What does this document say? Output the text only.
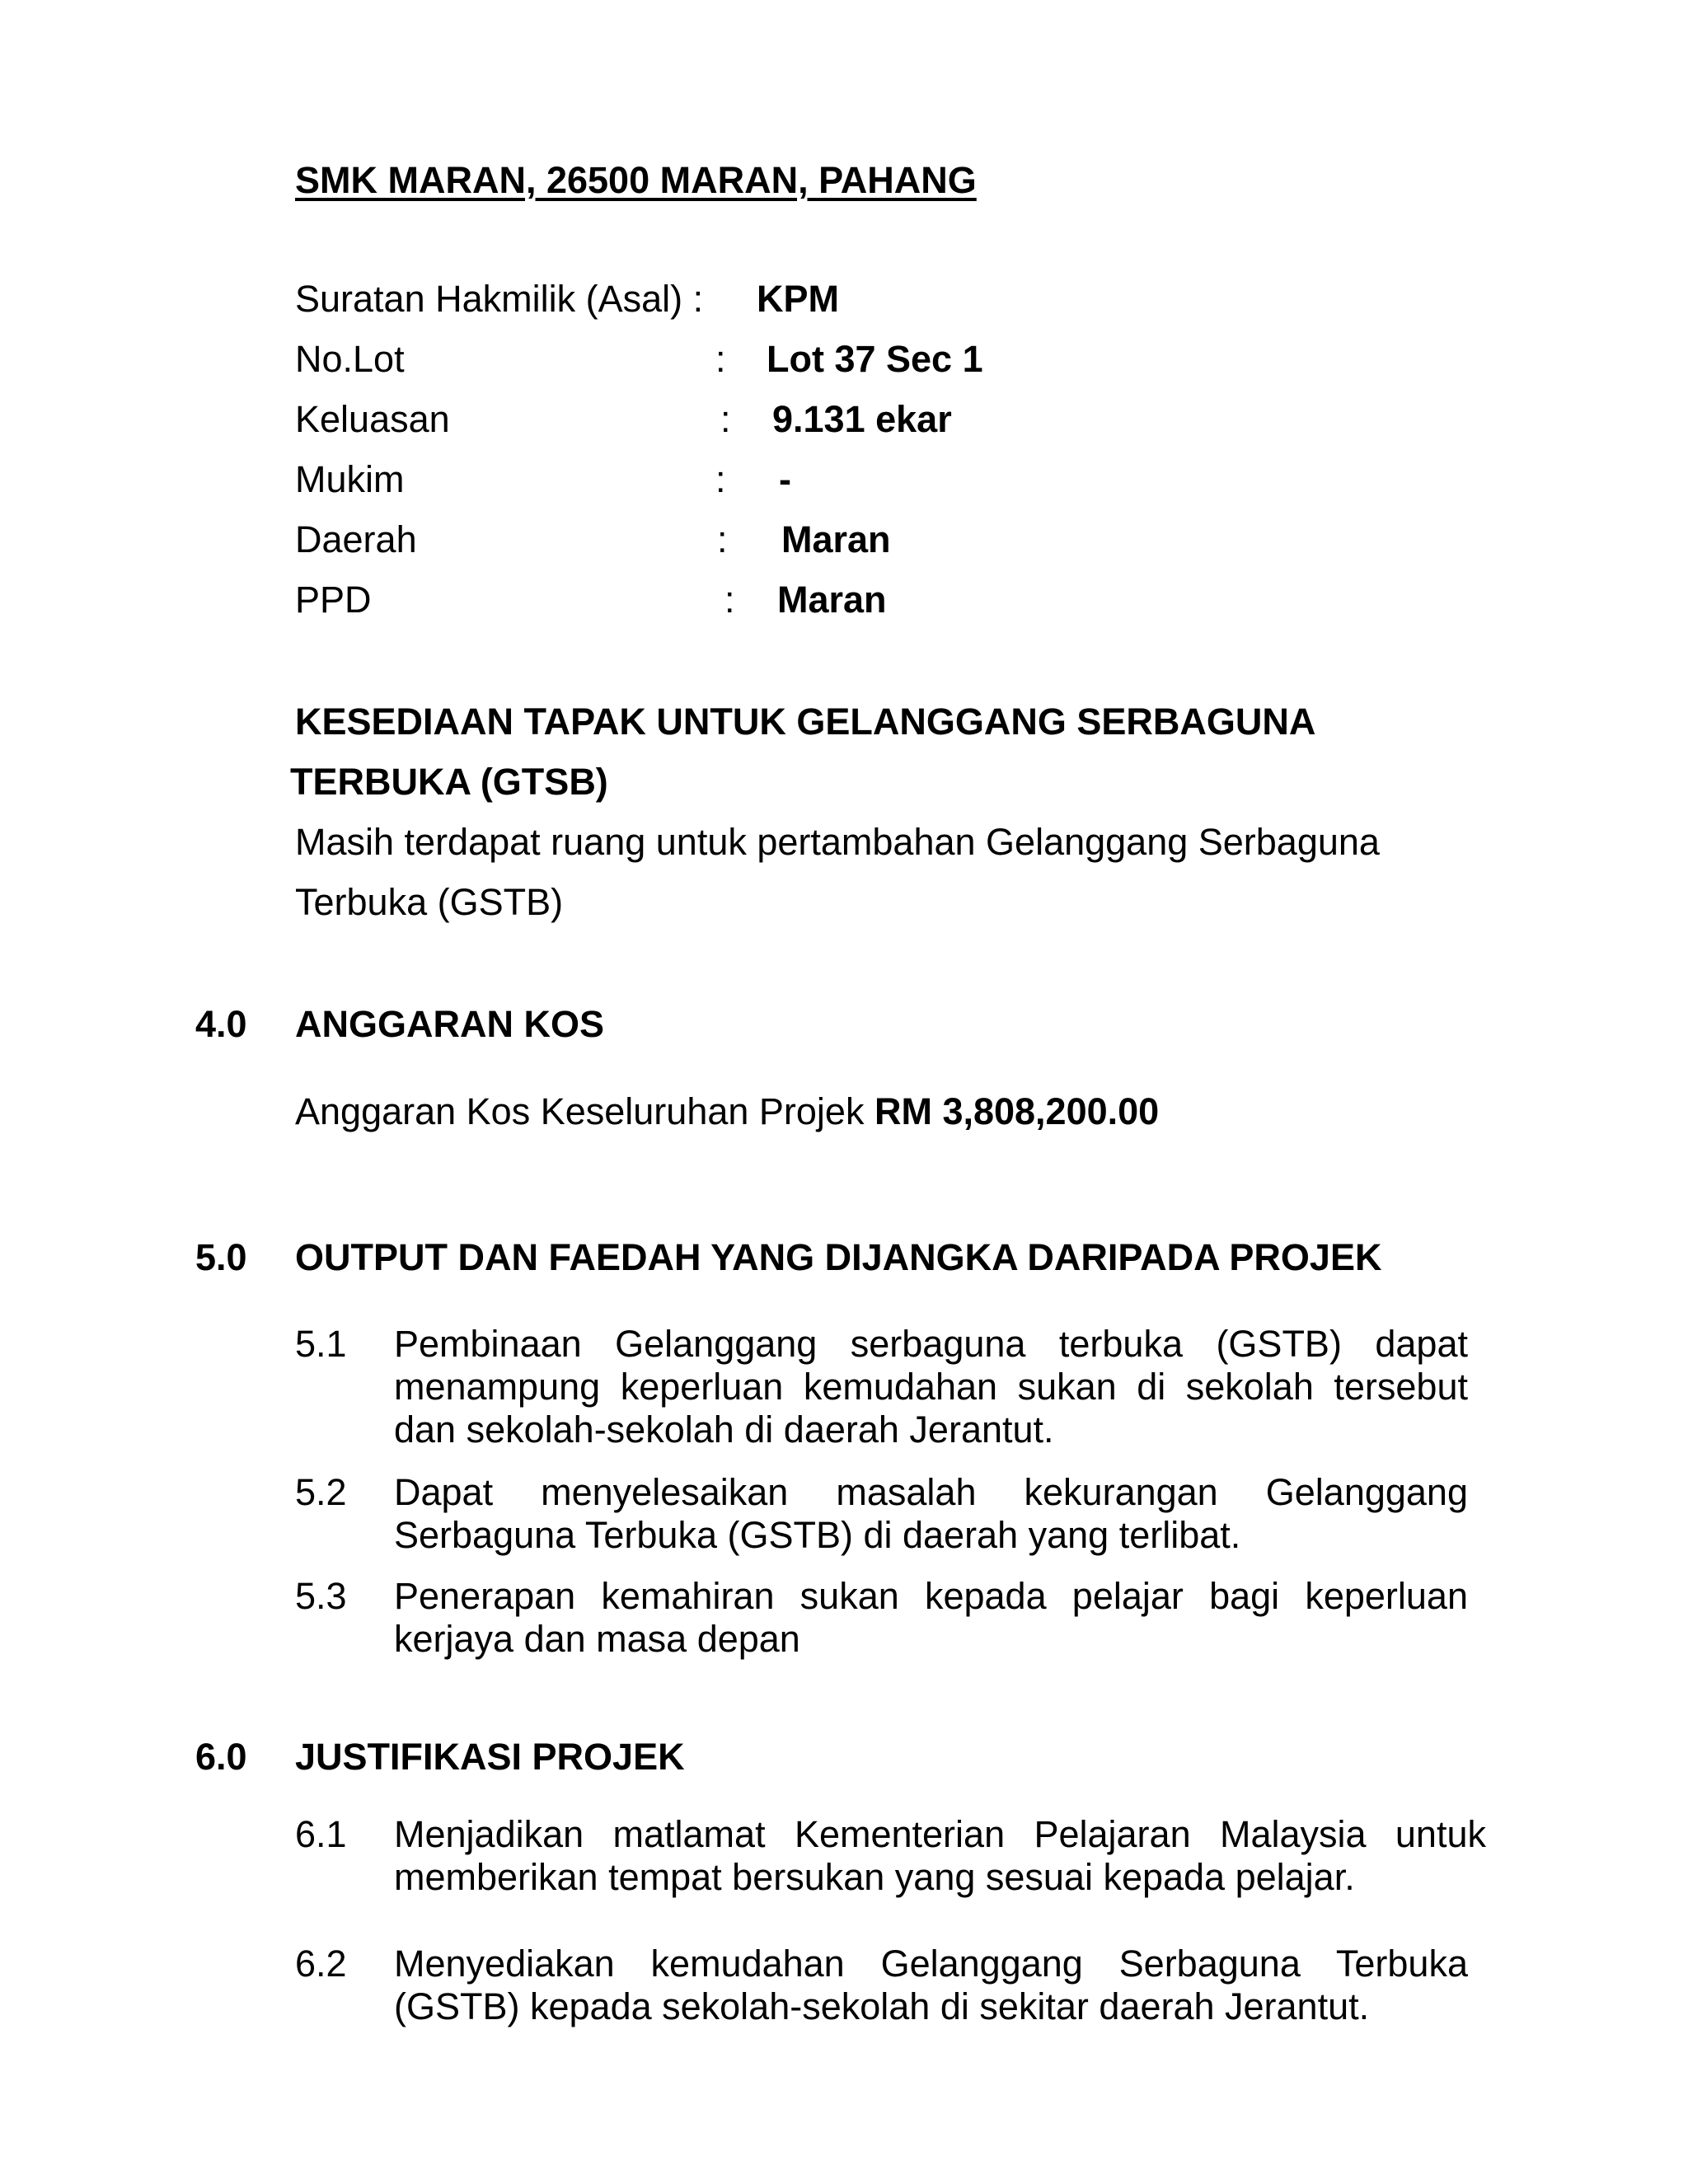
SMK MARAN, 26500 MARAN, PAHANG
Suratan Hakmilik (Asal) : KPM
No.Lot	: Lot 37 Sec 1
Keluasan	: 9.131 ekar
Mukim	: -
Daerah	: Maran
PPD	: Maran
KESEDIAAN TAPAK UNTUK GELANGGANG SERBAGUNA
TERBUKA (GTSB)
Masih terdapat ruang untuk pertambahan Gelanggang Serbaguna Terbuka (GSTB)
4.0 ANGGARAN KOS
Anggaran Kos Keseluruhan Projek RM 3,808,200.00
5.0 OUTPUT DAN FAEDAH YANG DIJANGKA DARIPADA PROJEK
5.1 Pembinaan Gelanggang serbaguna terbuka (GSTB) dapat menampung keperluan kemudahan sukan di sekolah tersebut dan sekolah-sekolah di daerah Jerantut.
5.2 Dapat menyelesaikan masalah kekurangan Gelanggang Serbaguna Terbuka (GSTB) di daerah yang terlibat.
5.3 Penerapan kemahiran sukan kepada pelajar bagi keperluan kerjaya dan masa depan
6.0 JUSTIFIKASI PROJEK
6.1 Menjadikan matlamat Kementerian Pelajaran Malaysia untuk memberikan tempat bersukan yang sesuai kepada pelajar.
6.2 Menyediakan kemudahan Gelanggang Serbaguna Terbuka (GSTB) kepada sekolah-sekolah di sekitar daerah Jerantut.
